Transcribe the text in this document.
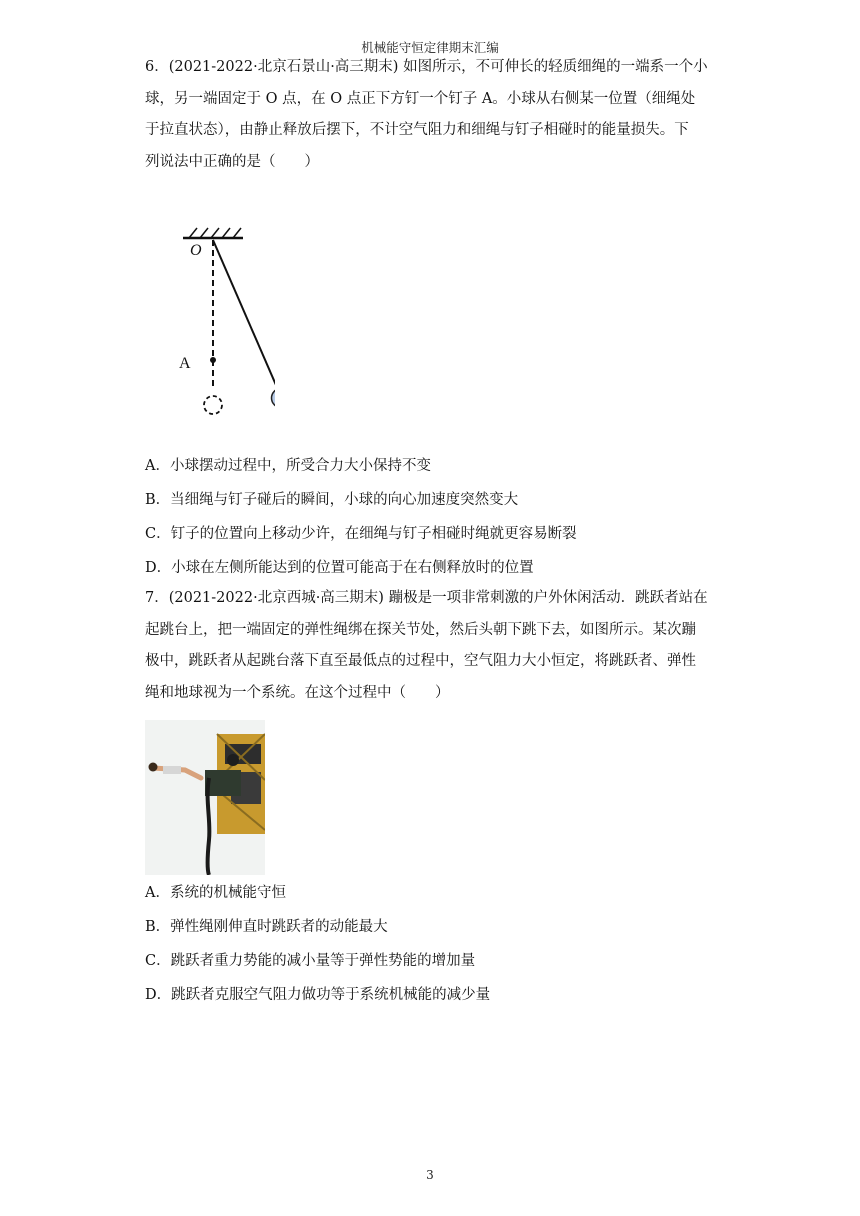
机械能守恒定律期末汇编

6．(2021-2022·北京石景山·高三期末) 如图所示，不可伸长的轻质细绳的一端系一个小
球，另一端固定于 O 点，在 O 点正下方钉一个钉子 A。小球从右侧某一位置（细绳处
于拉直状态），由静止释放后摆下，不计空气阻力和细绳与钉子相碰时的能量损失。下
列说法中正确的是（　　）

O
A
A．小球摆动过程中，所受合力大小保持不变
B．当细绳与钉子碰后的瞬间，小球的向心加速度突然变大
C．钉子的位置向上移动少许，在细绳与钉子相碰时绳就更容易断裂
D．小球在左侧所能达到的位置可能高于在右侧释放时的位置

7．(2021-2022·北京西城·高三期末) 蹦极是一项非常刺激的户外休闲活动．跳跃者站在
起跳台上，把一端固定的弹性绳绑在探关节处，然后头朝下跳下去，如图所示。某次蹦
极中，跳跃者从起跳台落下直至最低点的过程中，空气阻力大小恒定，将跳跃者、弹性
绳和地球视为一个系统。在这个过程中（　　）

A．系统的机械能守恒
B．弹性绳刚伸直时跳跃者的动能最大
C．跳跃者重力势能的减小量等于弹性势能的增加量
D．跳跃者克服空气阻力做功等于系统机械能的减少量
3
